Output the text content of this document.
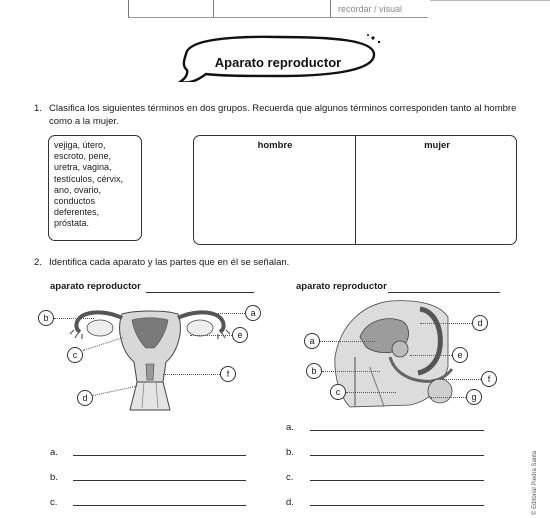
recordar / visual
Aparato reproductor
1. Clasifica los siguientes términos en dos grupos. Recuerda que algunos términos corresponden tanto al hombre
como a la mujer.
vejiga, útero,
escroto, pene,
uretra, vagina,
testículos, cérvix,
ano, ovario,
conductos
deferentes,
próstata.
hombre	mujer
2. Identifica cada aparato y las partes que en él se señalan.
aparato reproductor	aparato reproductor
b	a
e
c
f
d
a
d
e
b
f
c	g
a.
b.
c.
a.
b.
c.
d.	© Editorial Piedra Santa
